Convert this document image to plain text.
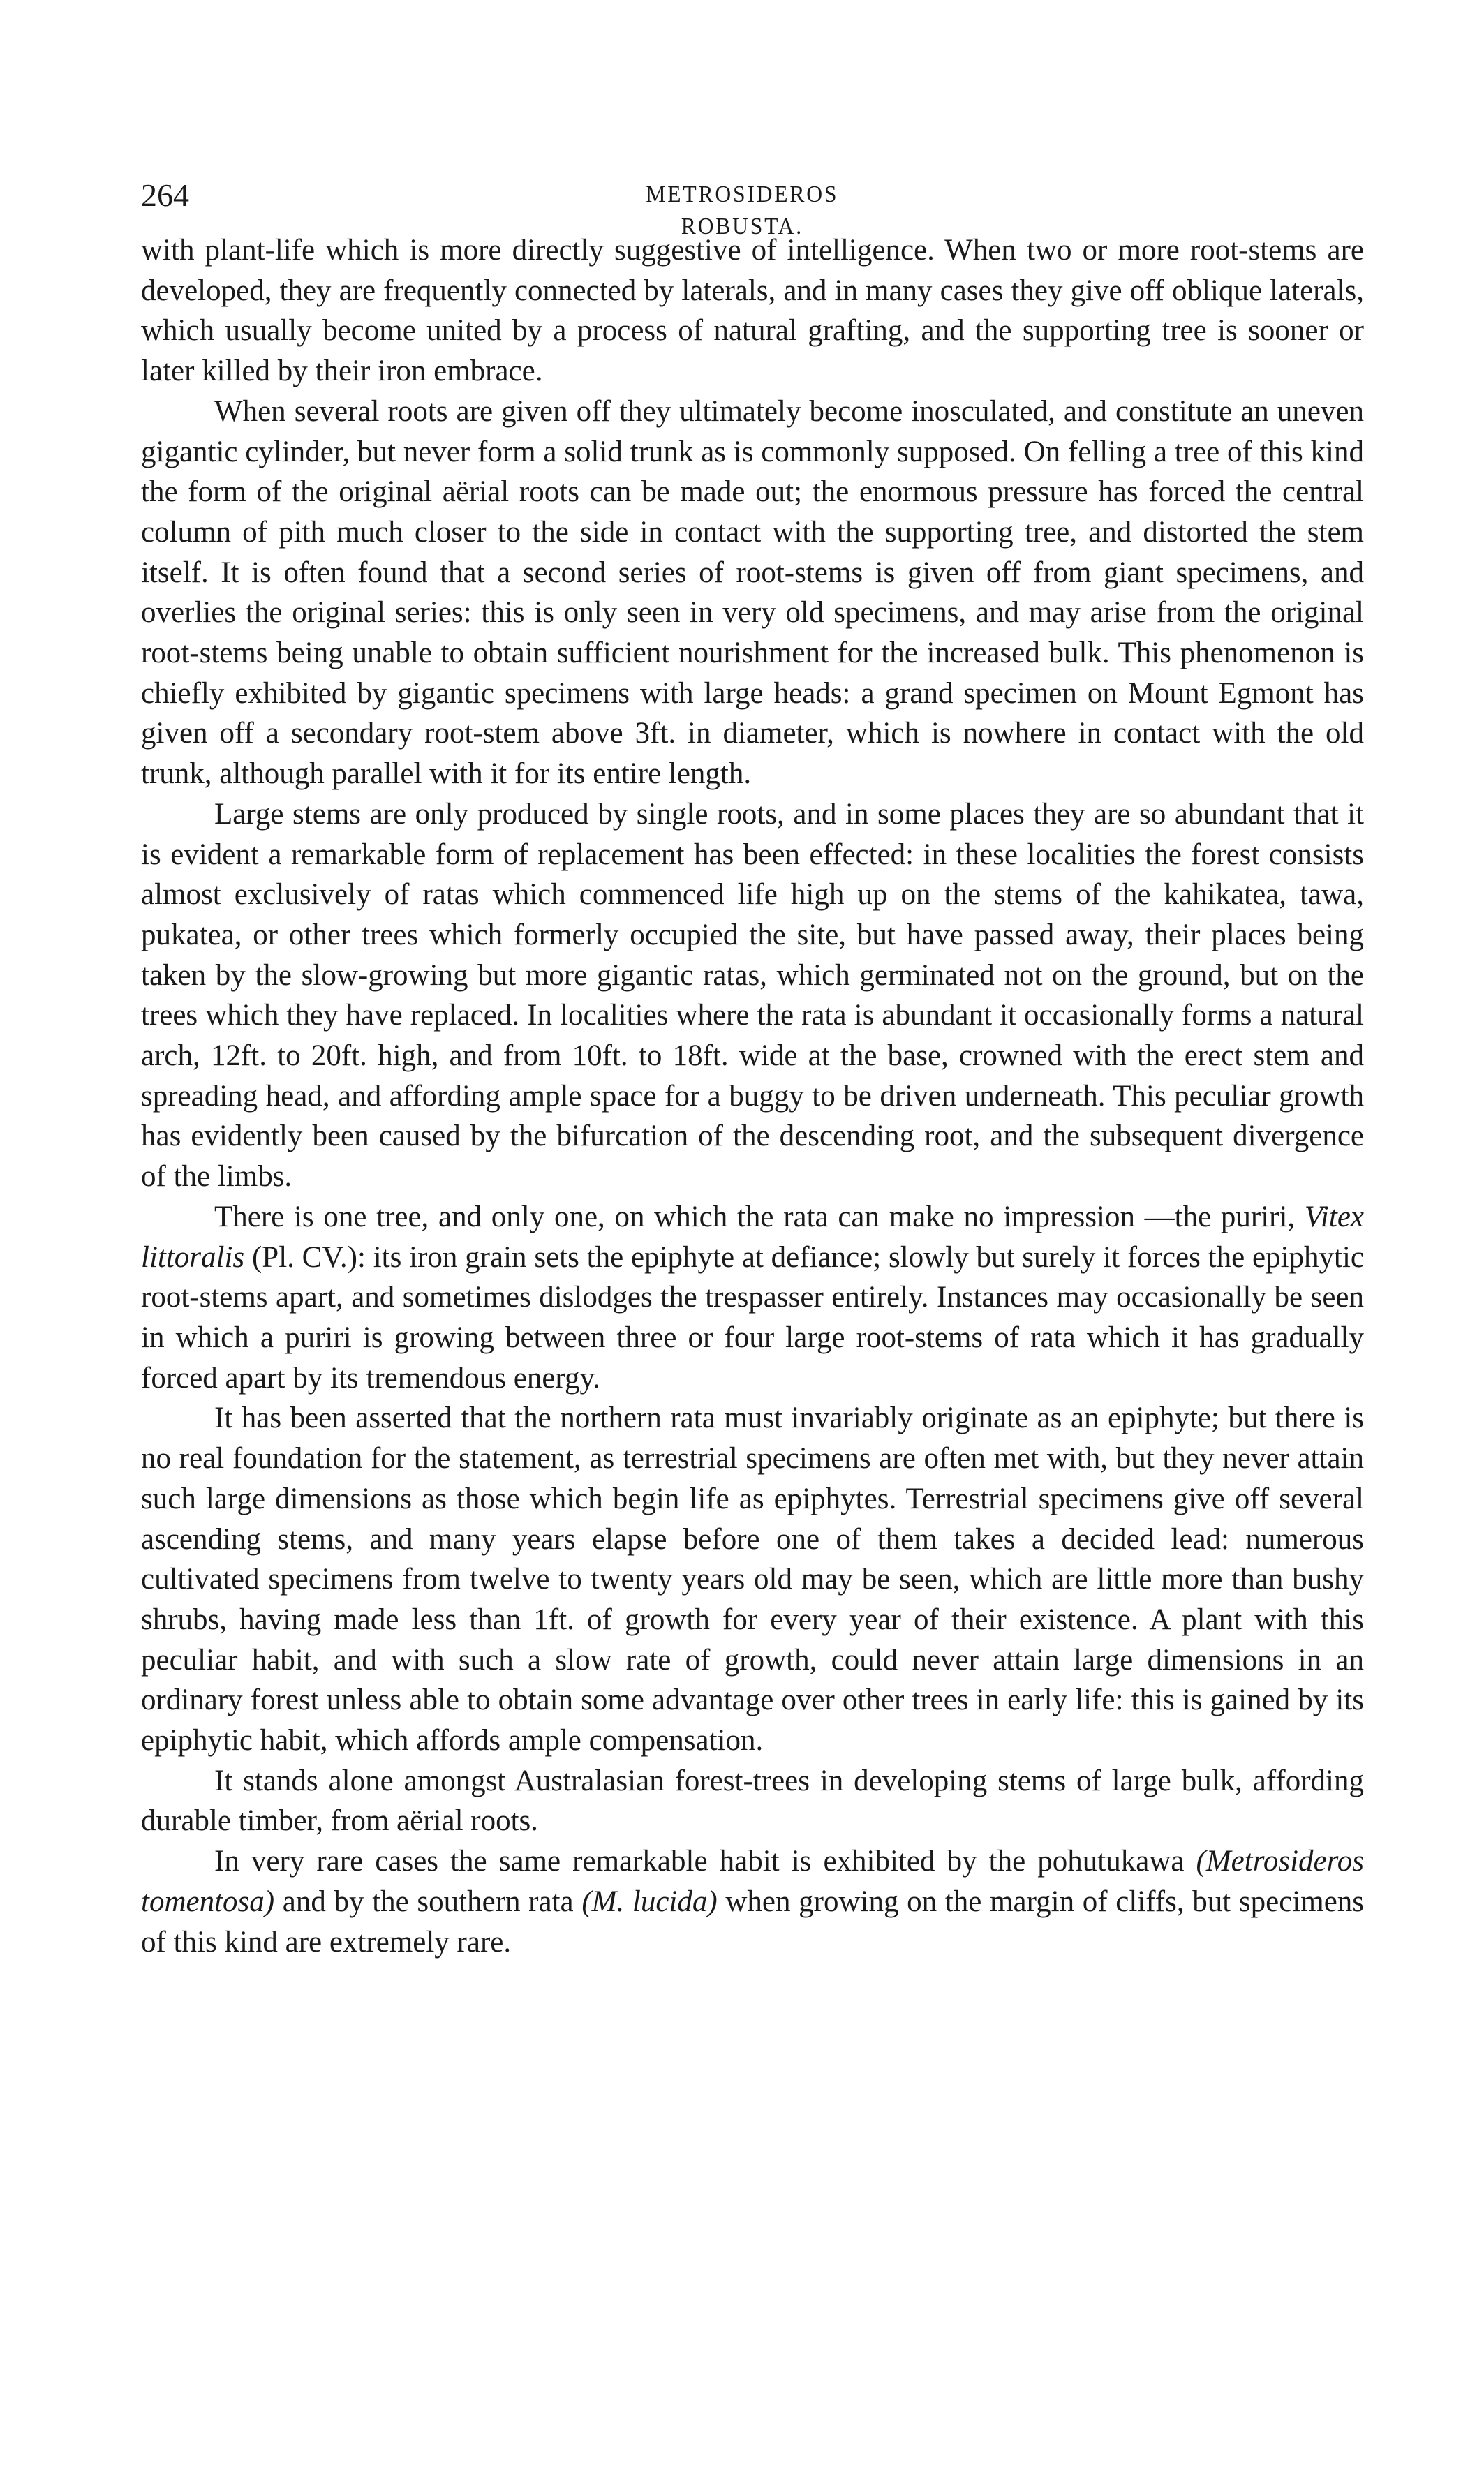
264	METROSIDEROS ROBUSTA.

with plant-life which is more directly suggestive of intelligence. When two or more root-stems are developed, they are frequently connected by laterals, and in many cases they give off oblique laterals, which usually become united by a process of natural grafting, and the supporting tree is sooner or later killed by their iron embrace.

When several roots are given off they ultimately become inosculated, and constitute an uneven gigantic cylinder, but never form a solid trunk as is commonly supposed. On felling a tree of this kind the form of the original aërial roots can be made out; the enormous pressure has forced the central column of pith much closer to the side in contact with the supporting tree, and distorted the stem itself. It is often found that a second series of root-stems is given off from giant specimens, and overlies the original series: this is only seen in very old specimens, and may arise from the original root-stems being unable to obtain sufficient nourishment for the increased bulk. This phenomenon is chiefly exhibited by gigantic specimens with large heads: a grand specimen on Mount Egmont has given off a secondary root-stem above 3ft. in diameter, which is nowhere in contact with the old trunk, although parallel with it for its entire length.

Large stems are only produced by single roots, and in some places they are so abundant that it is evident a remarkable form of replacement has been effected: in these localities the forest consists almost exclusively of ratas which commenced life high up on the stems of the kahikatea, tawa, pukatea, or other trees which formerly occupied the site, but have passed away, their places being taken by the slow-growing but more gigantic ratas, which germinated not on the ground, but on the trees which they have replaced. In localities where the rata is abundant it occasionally forms a natural arch, 12ft. to 20ft. high, and from 10ft. to 18ft. wide at the base, crowned with the erect stem and spreading head, and affording ample space for a buggy to be driven underneath. This peculiar growth has evidently been caused by the bifurcation of the descending root, and the subsequent divergence of the limbs.

There is one tree, and only one, on which the rata can make no impression —the puriri, Vitex littoralis (Pl. CV.): its iron grain sets the epiphyte at defiance; slowly but surely it forces the epiphytic root-stems apart, and sometimes dislodges the trespasser entirely. Instances may occasionally be seen in which a puriri is growing between three or four large root-stems of rata which it has gradually forced apart by its tremendous energy.

It has been asserted that the northern rata must invariably originate as an epiphyte; but there is no real foundation for the statement, as terrestrial specimens are often met with, but they never attain such large dimensions as those which begin life as epiphytes. Terrestrial specimens give off several ascending stems, and many years elapse before one of them takes a decided lead: numerous cultivated specimens from twelve to twenty years old may be seen, which are little more than bushy shrubs, having made less than 1ft. of growth for every year of their existence. A plant with this peculiar habit, and with such a slow rate of growth, could never attain large dimensions in an ordinary forest unless able to obtain some advantage over other trees in early life: this is gained by its epiphytic habit, which affords ample compensation.

It stands alone amongst Australasian forest-trees in developing stems of large bulk, affording durable timber, from aërial roots.

In very rare cases the same remarkable habit is exhibited by the pohutukawa (Metrosideros tomentosa) and by the southern rata (M. lucida) when growing on the margin of cliffs, but specimens of this kind are extremely rare.
